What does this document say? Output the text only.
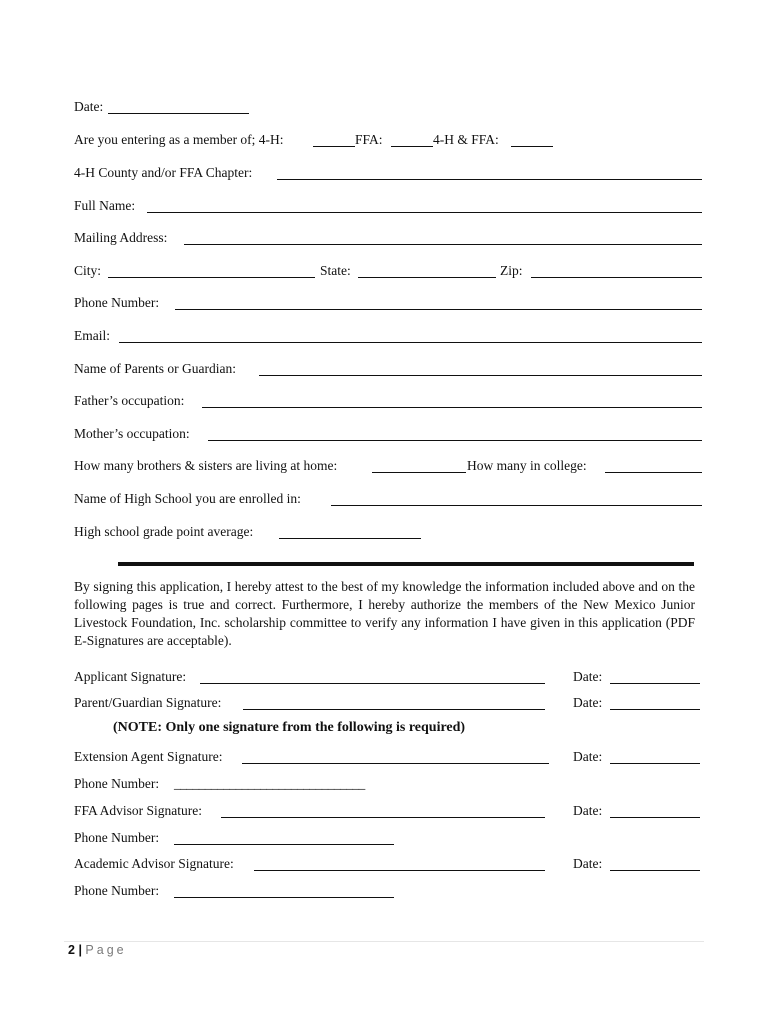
Date:
Are you entering as a member of; 4-H:	FFA:	4-H & FFA:
4-H County and/or FFA Chapter:
Full Name:
Mailing Address:
City:	State:	Zip:
Phone Number:
Email:
Name of Parents or Guardian:
Father’s occupation:
Mother’s occupation:
How many brothers & sisters are living at home:	How many in college:
Name of High School you are enrolled in:
High school grade point average:
By signing this application, I hereby attest to the best of my knowledge the information included above and on the following pages is true and correct. Furthermore, I hereby authorize the members of the New Mexico Junior Livestock Foundation, Inc. scholarship committee to verify any information I have given in this application (PDF E-Signatures are acceptable).
Applicant Signature:	Date:
Parent/Guardian Signature:	Date:
(NOTE: Only one signature from the following is required)
Extension Agent Signature:	Date:
Phone Number: _______________________________
FFA Advisor Signature:	Date:
Phone Number:
Academic Advisor Signature:	Date:
Phone Number:
2 | Page
